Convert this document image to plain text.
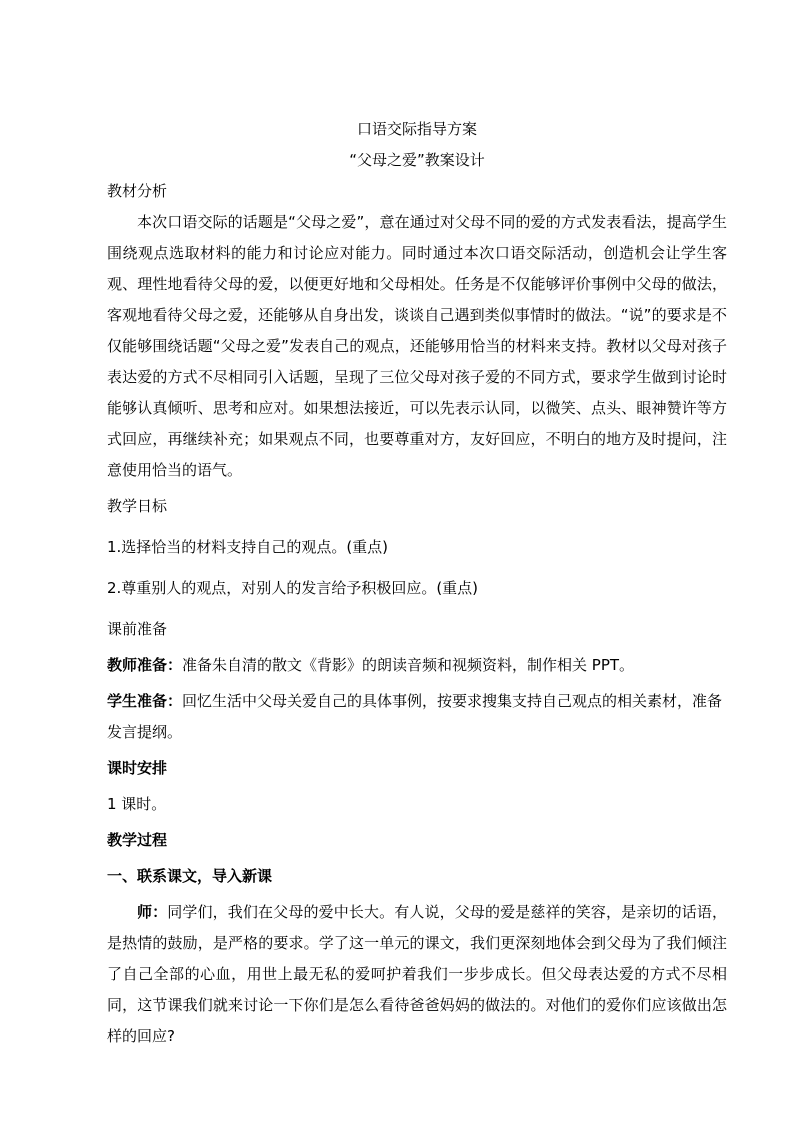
口语交际指导方案

“父母之爱”教案设计

教材分析

本次口语交际的话题是“父母之爱”，意在通过对父母不同的爱的方式发表看法，提高学生围绕观点选取材料的能力和讨论应对能力。同时通过本次口语交际活动，创造机会让学生客观、理性地看待父母的爱，以便更好地和父母相处。任务是不仅能够评价事例中父母的做法，客观地看待父母之爱，还能够从自身出发，谈谈自己遇到类似事情时的做法。“说”的要求是不仅能够围绕话题“父母之爱”发表自己的观点，还能够用恰当的材料来支持。教材以父母对孩子表达爱的方式不尽相同引入话题，呈现了三位父母对孩子爱的不同方式，要求学生做到讨论时能够认真倾听、思考和应对。如果想法接近，可以先表示认同，以微笑、点头、眼神赞许等方式回应，再继续补充；如果观点不同，也要尊重对方，友好回应，不明白的地方及时提问，注意使用恰当的语气。

教学日标

1.选择恰当的材料支持自己的观点。(重点)

2.尊重别人的观点，对别人的发言给予积极回应。(重点)

课前准备

教师准备：准备朱自清的散文《背影》的朗读音频和视频资料，制作相关 PPT。

学生准备：回忆生活中父母关爱自己的具体事例，按要求搜集支持自己观点的相关素材，准备发言提纲。

课时安排

1 课时。

教学过程

一、联系课文，导入新课

师：同学们，我们在父母的爱中长大。有人说，父母的爱是慈祥的笑容，是亲切的话语，是热情的鼓励，是严格的要求。学了这一单元的课文，我们更深刻地体会到父母为了我们倾注了自己全部的心血，用世上最无私的爱呵护着我们一步步成长。但父母表达爱的方式不尽相同，这节课我们就来讨论一下你们是怎么看待爸爸妈妈的做法的。对他们的爱你们应该做出怎样的回应?
